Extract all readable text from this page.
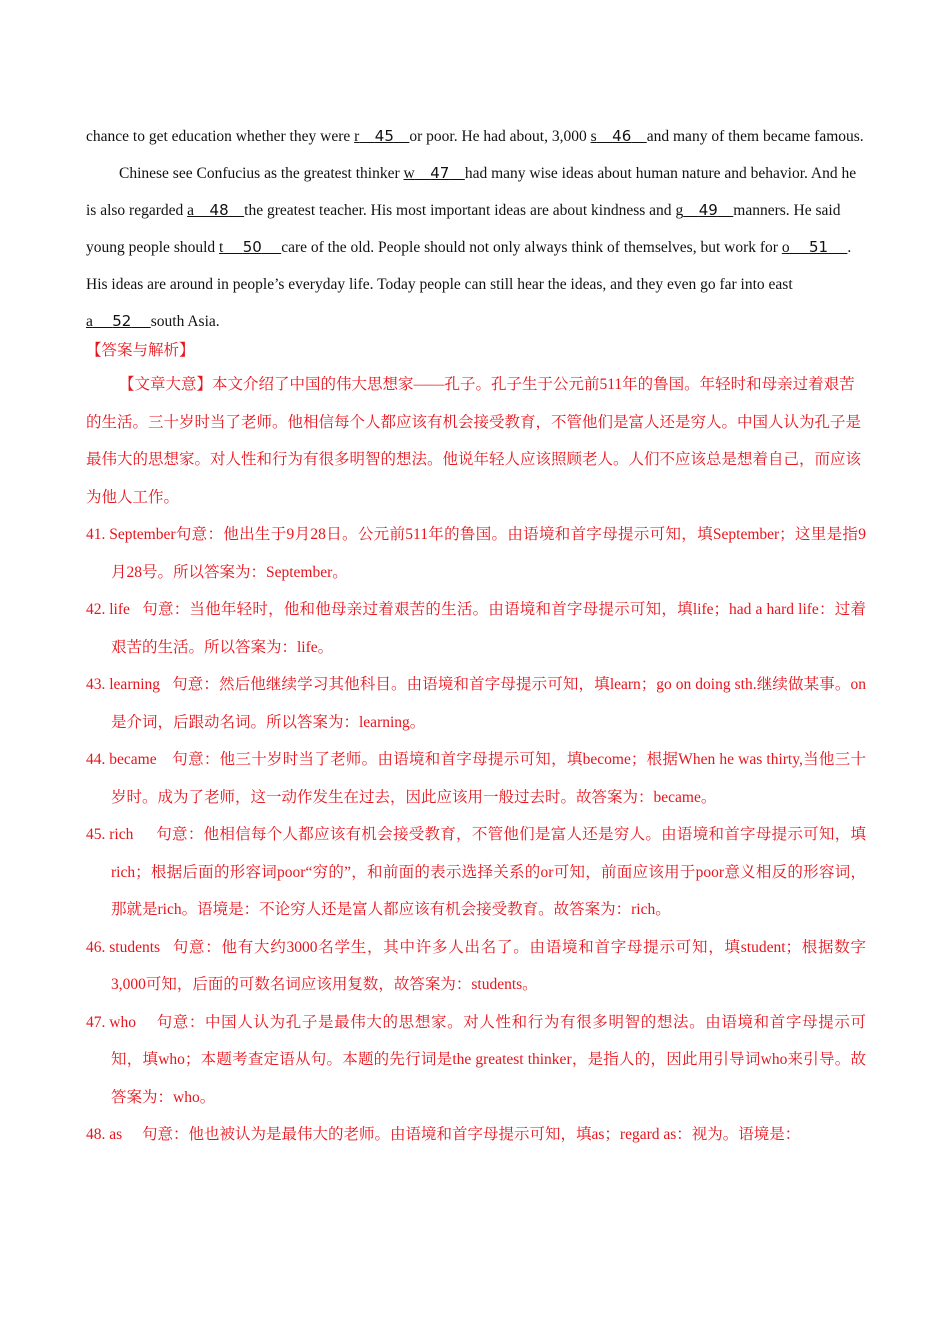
chance to get education whether they were r 45 or poor. He had about, 3,000 s 46 and many of them became famous.

Chinese see Confucius as the greatest thinker w 47 had many wise ideas about human nature and behavior. And he is also regarded a 48 the greatest teacher. His most important ideas are about kindness and g 49 manners. He said young people should t 50 care of the old. People should not only always think of themselves, but work for o 51 . His ideas are around in people’s everyday life. Today people can still hear the ideas, and they even go far into east a 52 south Asia.

【答案与解析】

【文章大意】本文介绍了中国的伟大思想家——孔子。孔子生于公元前511年的鲁国。年轻时和母亲过着艰苦的生活。三十岁时当了老师。他相信每个人都应该有机会接受教育，不管他们是富人还是穷人。中国人认为孔子是最伟大的思想家。对人性和行为有很多明智的想法。他说年轻人应该照顾老人。人们不应该总是想着自己，而应该为他人工作。

41. September句意：他出生于9月28日。公元前511年的鲁国。由语境和首字母提示可知，填September；这里是指9月28号。所以答案为：September。

42. life 句意：当他年轻时，他和他母亲过着艰苦的生活。由语境和首字母提示可知，填life；had a hard life：过着艰苦的生活。所以答案为：life。

43. learning 句意：然后他继续学习其他科目。由语境和首字母提示可知，填learn；go on doing sth.继续做某事。on是介词，后跟动名词。所以答案为：learning。

44. became 句意：他三十岁时当了老师。由语境和首字母提示可知，填become；根据When he was thirty,当他三十岁时。成为了老师，这一动作发生在过去，因此应该用一般过去时。故答案为：became。

45. rich 句意：他相信每个人都应该有机会接受教育，不管他们是富人还是穷人。由语境和首字母提示可知，填rich；根据后面的形容词poor“穷的”，和前面的表示选择关系的or可知，前面应该用于poor意义相反的形容词，那就是rich。语境是：不论穷人还是富人都应该有机会接受教育。故答案为：rich。

46. students 句意：他有大约3000名学生，其中许多人出名了。由语境和首字母提示可知，填student；根据数字3,000可知，后面的可数名词应该用复数，故答案为：students。

47. who 句意：中国人认为孔子是最伟大的思想家。对人性和行为有很多明智的想法。由语境和首字母提示可知，填who；本题考查定语从句。本题的先行词是the greatest thinker，是指人的，因此用引导词who来引导。故答案为：who。

48. as 句意：他也被认为是最伟大的老师。由语境和首字母提示可知，填as；regard as：视为。语境是：
